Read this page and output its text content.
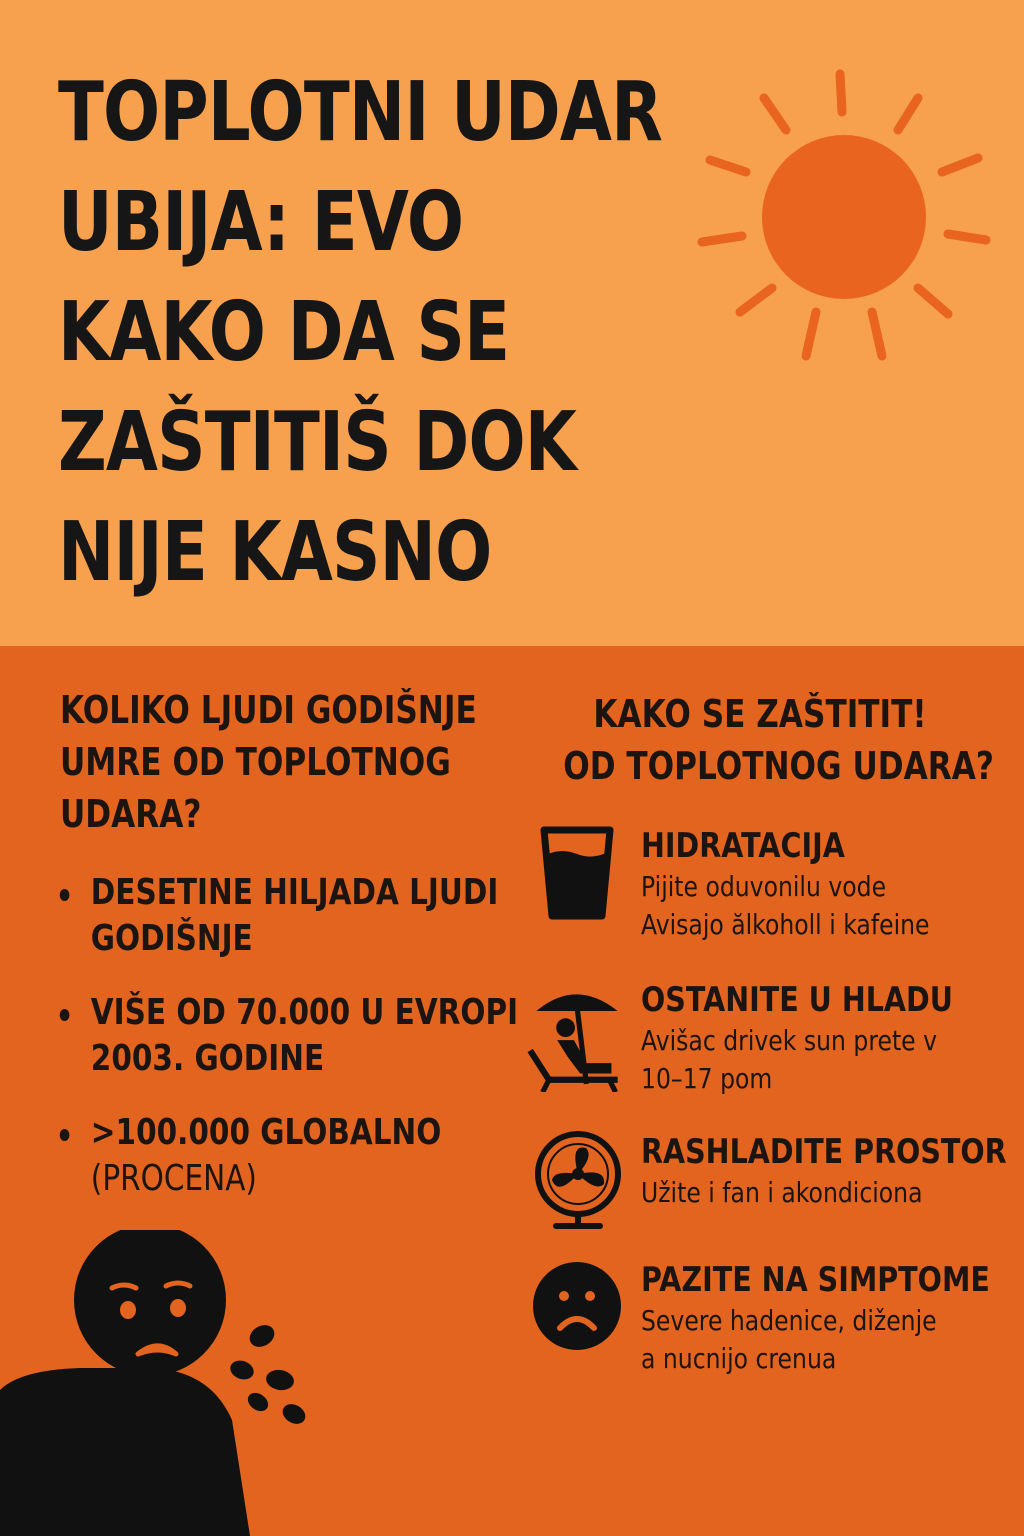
TOPLOTNI UDAR
UBIJA: EVO
KAKO DA SE
ZAŠTITIŠ DOK
NIJE KASNO
KOLIKO LJUDI GODIŠNJE
UMRE OD TOPLOTNOG
UDARA?
DESETINE HILJADA LJUDI
GODIŠNJE
VIŠE OD 70.000 U EVROPI
2003. GODINE
>100.000 GLOBALNO
(PROCENA)
KAKO SE ZAŠTITIT!
OD TOPLOTNOG UDARA?
HIDRATACIJA
Pijite oduvonilu vode
Avisajo ălkoholl i kafeine
OSTANITE U HLADU
Avišac drivek sun prete v
10–17 pom
RASHLADITE PROSTOR
Užite i fan i akondiciona
PAZITE NA SIMPTOME
Severe hadenice, diženje
a nucnijo crenua
